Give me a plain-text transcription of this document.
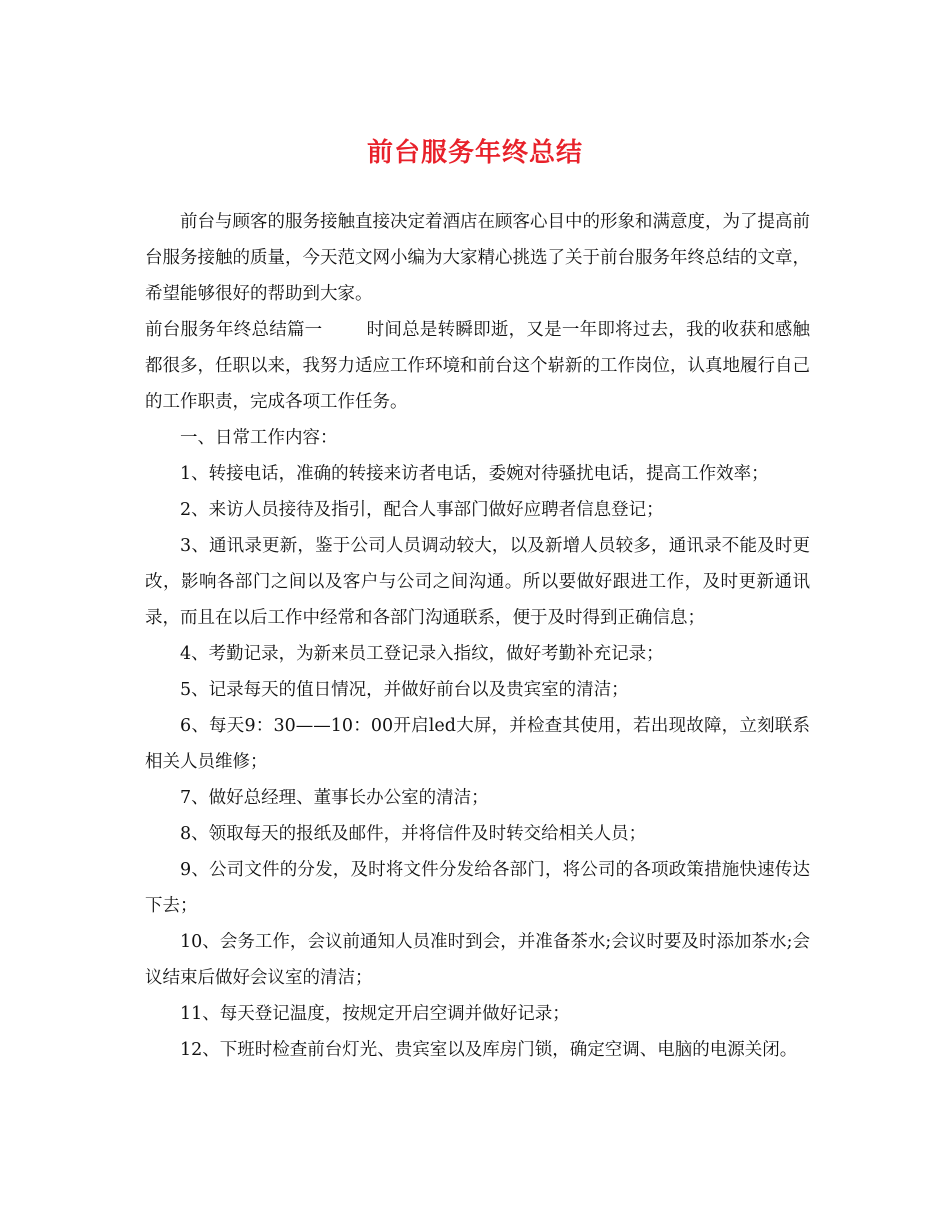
前台服务年终总结

前台与顾客的服务接触直接决定着酒店在顾客心目中的形象和满意度，为了提高前台服务接触的质量，今天范文网小编为大家精心挑选了关于前台服务年终总结的文章，希望能够很好的帮助到大家。

前台服务年终总结篇一	时间总是转瞬即逝，又是一年即将过去，我的收获和感触都很多，任职以来，我努力适应工作环境和前台这个崭新的工作岗位，认真地履行自己的工作职责，完成各项工作任务。

一、日常工作内容：

1、转接电话，准确的转接来访者电话，委婉对待骚扰电话，提高工作效率；

2、来访人员接待及指引，配合人事部门做好应聘者信息登记；

3、通讯录更新，鉴于公司人员调动较大，以及新增人员较多，通讯录不能及时更改，影响各部门之间以及客户与公司之间沟通。所以要做好跟进工作，及时更新通讯录，而且在以后工作中经常和各部门沟通联系，便于及时得到正确信息；

4、考勤记录，为新来员工登记录入指纹，做好考勤补充记录；

5、记录每天的值日情况，并做好前台以及贵宾室的清洁；

6、每天9：30——10：00开启led大屏，并检查其使用，若出现故障，立刻联系相关人员维修；

7、做好总经理、董事长办公室的清洁；

8、领取每天的报纸及邮件，并将信件及时转交给相关人员；

9、公司文件的分发，及时将文件分发给各部门，将公司的各项政策措施快速传达下去；

10、会务工作，会议前通知人员准时到会，并准备茶水;会议时要及时添加茶水;会议结束后做好会议室的清洁；

11、每天登记温度，按规定开启空调并做好记录；

12、下班时检查前台灯光、贵宾室以及库房门锁，确定空调、电脑的电源关闭。
